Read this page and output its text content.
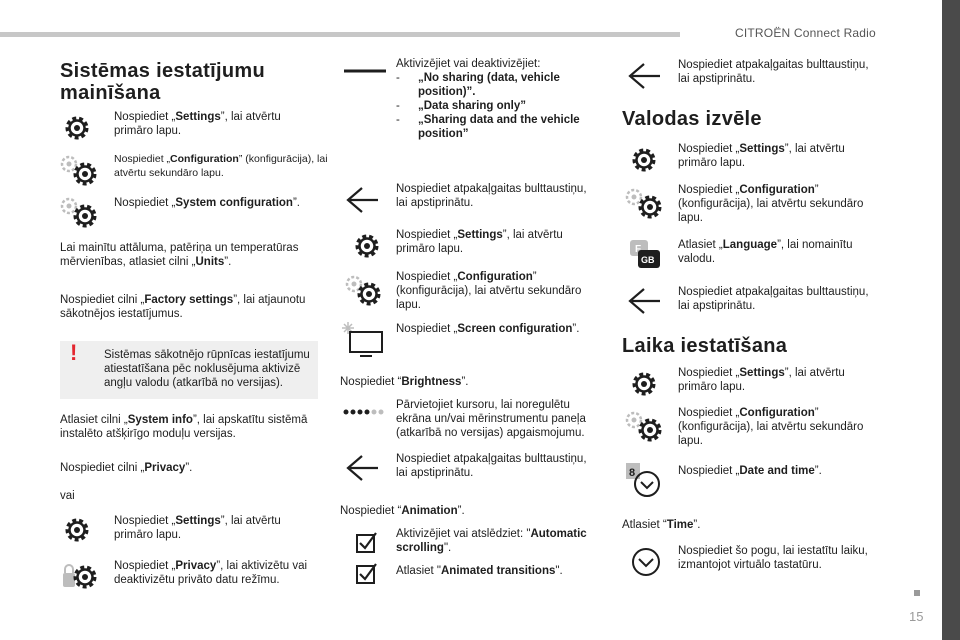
CITROËN Connect Radio
15
Sistēmas iestatījumu mainīšana
Nospiediet „Settings”, lai atvērtu primāro lapu.
Nospiediet „Configuration” (konfigurācija), lai atvērtu sekundāro lapu.
Nospiediet „System configuration”.
Lai mainītu attāluma, patēriņa un temperatūras mērvienības, atlasiet cilni „Units”.
Nospiediet cilni „Factory settings”, lai atjaunotu sākotnējos iestatījumus.
! Sistēmas sākotnējo rūpnīcas iestatījumu atiestatīšana pēc noklusējuma aktivizē angļu valodu (atkarībā no versijas).
Atlasiet cilni „System info”, lai apskatītu sistēmā instalēto atšķirīgo moduļu versijas.
Nospiediet cilni „Privacy”.
vai
Nospiediet „Settings”, lai atvērtu primāro lapu.
Nospiediet „Privacy”, lai aktivizētu vai deaktivizētu privāto datu režīmu.
Aktivizējiet vai deaktivizējiet:
- „No sharing (data, vehicle position)”.
- „Data sharing only”
- „Sharing data and the vehicle position”
Nospiediet atpakaļgaitas bulttaustiņu, lai apstiprinātu.
Nospiediet „Settings”, lai atvērtu primāro lapu.
Nospiediet „Configuration” (konfigurācija), lai atvērtu sekundāro lapu.
Nospiediet „Screen configuration”.
Nospiediet “Brightness”.
Pārvietojiet kursoru, lai noregulētu ekrāna un/vai mērinstrumentu paneļa (atkarībā no versijas) apgaismojumu.
Nospiediet atpakaļgaitas bulttaustiņu, lai apstiprinātu.
Nospiediet “Animation”.
Aktivizējiet vai atslēdziet: "Automatic scrolling".
Atlasiet "Animated transitions".
Nospiediet atpakaļgaitas bulttaustiņu, lai apstiprinātu.
Valodas izvēle
Nospiediet „Settings”, lai atvērtu primāro lapu.
Nospiediet „Configuration” (konfigurācija), lai atvērtu sekundāro lapu.
F
GB
Atlasiet „Language”, lai nomainītu valodu.
Nospiediet atpakaļgaitas bulttaustiņu, lai apstiprinātu.
Laika iestatīšana
Nospiediet „Settings”, lai atvērtu primāro lapu.
Nospiediet „Configuration” (konfigurācija), lai atvērtu sekundāro lapu.
8	Nospiediet „Date and time”.
Atlasiet “Time”.
Nospiediet šo pogu, lai iestatītu laiku, izmantojot virtuālo tastatūru.
